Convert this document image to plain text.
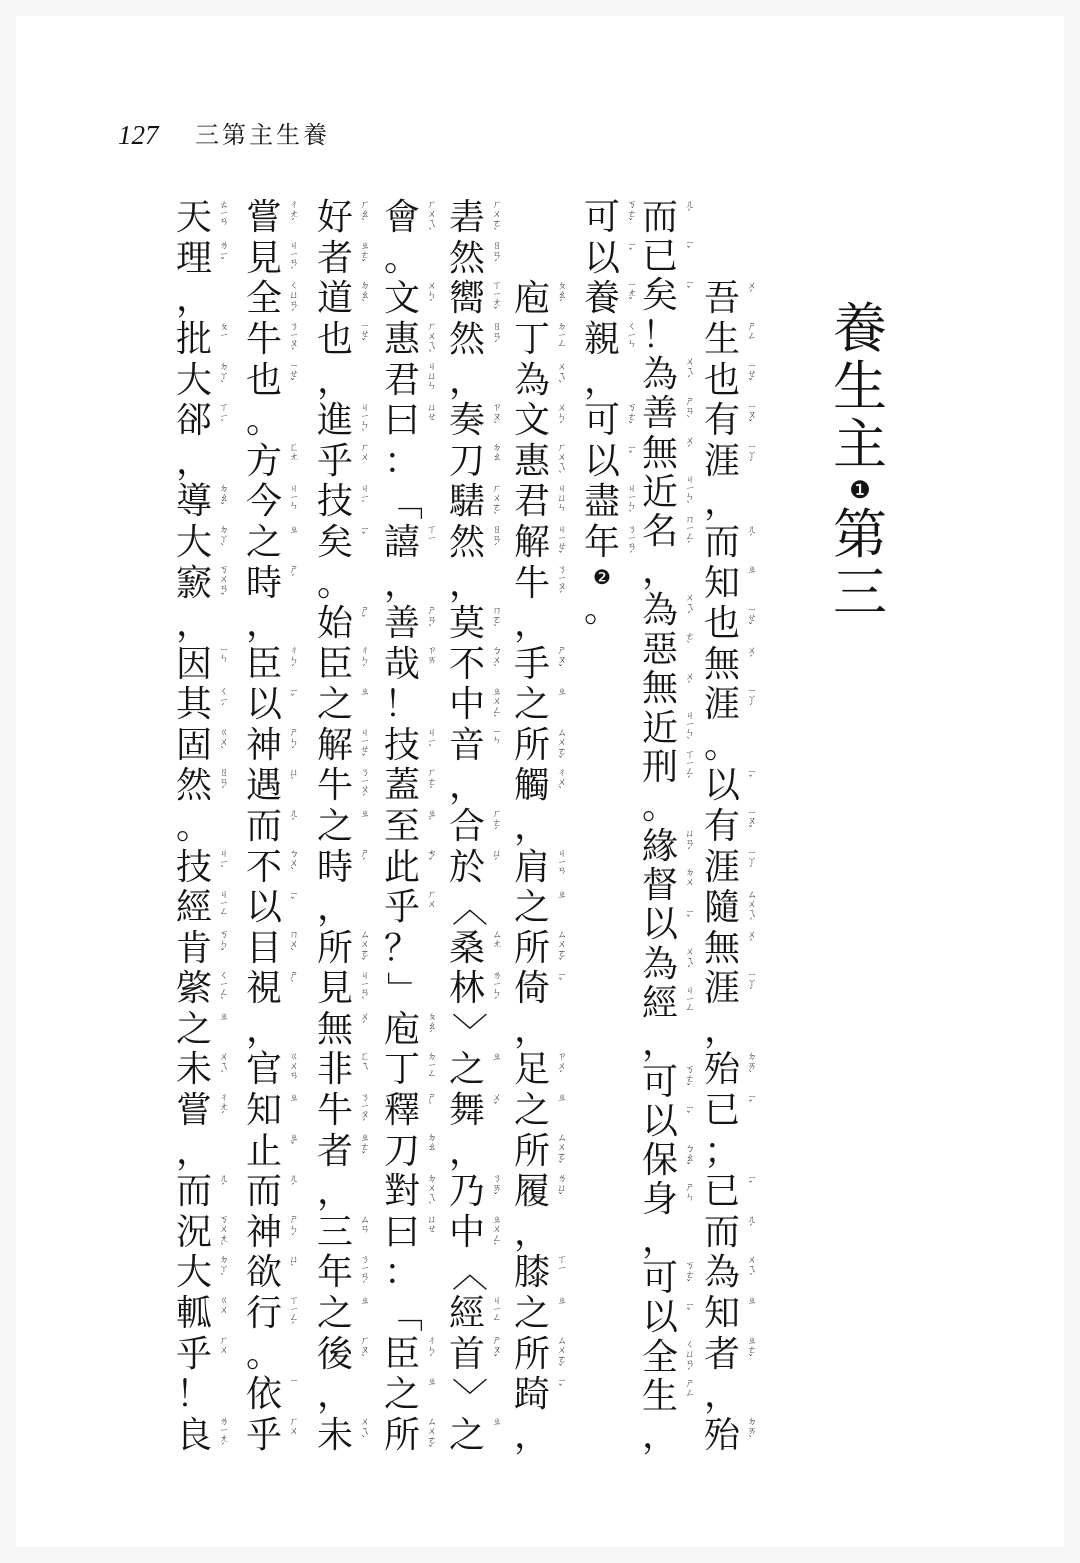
127 三第主生養
養
生
主
❶
第
三
吾 ㄨˊ
生 ㄕㄥ
也 ㄧㄝˇ
有 ㄧㄡˇ
涯 ㄧㄚˊ
，
而 ㄦˊ
知 ㄓ
也 ㄧㄝˇ
無 ㄨˊ
涯 ㄧㄚˊ
。
以 ㄧˇ
有 ㄧㄡˇ
涯 ㄧㄚˊ
隨 ㄙㄨㄟˊ
無 ㄨˊ
涯 ㄧㄚˊ
，
殆 ㄉㄞˋ
已 ㄧˇ
；
已 ㄧˇ
而 ㄦˊ
為 ㄨㄟˊ
知 ㄓ
者 ㄓㄜˇ
，
殆 ㄉㄞˋ
而 ㄦˊ
已 ㄧˇ
矣 ㄧˇ
！
為 ㄨㄟˊ
善 ㄕㄢˋ
無 ㄨˊ
近 ㄐㄧㄣˋ
名 ㄇㄧㄥˊ
，
為 ㄨㄟˊ
惡 ㄜˋ
無 ㄨˊ
近 ㄐㄧㄣˋ
刑 ㄒㄧㄥˊ
。
緣 ㄩㄢˊ
督 ㄉㄨ
以 ㄧˇ
為 ㄨㄟˊ
經 ㄐㄧㄥ
，
可 ㄎㄜˇ
以 ㄧˇ
保 ㄅㄠˇ
身 ㄕㄣ
，
可 ㄎㄜˇ
以 ㄧˇ
全 ㄑㄩㄢˊ
生 ㄕㄥ
，
可 ㄎㄜˇ
以 ㄧˇ
養 ㄧㄤˇ
親 ㄑㄧㄣ
，
可 ㄎㄜˇ
以 ㄧˇ
盡 ㄐㄧㄣˋ
年 ㄋㄧㄢˊ
❷
。
庖 ㄆㄠˊ
丁 ㄉㄧㄥ
為 ㄨㄟˋ
文 ㄨㄣˊ
惠 ㄏㄨㄟˋ
君 ㄐㄩㄣ
解 ㄐㄧㄝˇ
牛 ㄋㄧㄡˊ
，
手 ㄕㄡˇ
之 ㄓ
所 ㄙㄨㄛˇ
觸 ㄔㄨˋ
，
肩 ㄐㄧㄢ
之 ㄓ
所 ㄙㄨㄛˇ
倚 ㄧˇ
，
足 ㄗㄨˊ
之 ㄓ
所 ㄙㄨㄛˇ
履 ㄌㄩˇ
，
膝 ㄒㄧ
之 ㄓ
所 ㄙㄨㄛˇ
踦 ㄧˇ
，
砉 ㄏㄨㄛˋ
然 ㄖㄢˊ
嚮 ㄒㄧㄤˇ
然 ㄖㄢˊ
，
奏 ㄗㄡˋ
刀 ㄉㄠ
騞 ㄏㄨㄛˋ
然 ㄖㄢˊ
，
莫 ㄇㄛˋ
不 ㄅㄨˋ
中 ㄓㄨㄥˋ
音 ㄧㄣ
，
合 ㄏㄜˊ
於 ㄩˊ
〈
桑 ㄙㄤ
林 ㄌㄧㄣˊ
〉
之 ㄓ
舞 ㄨˇ
，
乃 ㄋㄞˇ
中 ㄓㄨㄥˋ
〈
經 ㄐㄧㄥ
首 ㄕㄡˇ
〉
之 ㄓ
會 ㄏㄨㄟˋ
。
文 ㄨㄣˊ
惠 ㄏㄨㄟˋ
君 ㄐㄩㄣ
曰 ㄩㄝ
：
「
譆 ㄒㄧ
，
善 ㄕㄢˋ
哉 ㄗㄞ
！
技 ㄐㄧˋ
蓋 ㄏㄜˊ
至 ㄓˋ
此 ㄘˇ
乎 ㄏㄨ
？
」
庖 ㄆㄠˊ
丁 ㄉㄧㄥ
釋 ㄕˋ
刀 ㄉㄠ
對 ㄉㄨㄟˋ
曰 ㄩㄝ
：
「
臣 ㄔㄣˊ
之 ㄓ
所 ㄙㄨㄛˇ
好 ㄏㄠˋ
者 ㄓㄜˇ
道 ㄉㄠˋ
也 ㄧㄝˇ
，
進 ㄐㄧㄣˋ
乎 ㄏㄨ
技 ㄐㄧˋ
矣 ㄧˇ
。
始 ㄕˇ
臣 ㄔㄣˊ
之 ㄓ
解 ㄐㄧㄝˇ
牛 ㄋㄧㄡˊ
之 ㄓ
時 ㄕˊ
，
所 ㄙㄨㄛˇ
見 ㄐㄧㄢˋ
無 ㄨˊ
非 ㄈㄟ
牛 ㄋㄧㄡˊ
者 ㄓㄜˇ
，
三 ㄙㄢ
年 ㄋㄧㄢˊ
之 ㄓ
後 ㄏㄡˋ
，
未 ㄨㄟˋ
嘗 ㄔㄤˊ
見 ㄐㄧㄢˋ
全 ㄑㄩㄢˊ
牛 ㄋㄧㄡˊ
也 ㄧㄝˇ
。
方 ㄈㄤ
今 ㄐㄧㄣ
之 ㄓ
時 ㄕˊ
，
臣 ㄔㄣˊ
以 ㄧˇ
神 ㄕㄣˊ
遇 ㄩˋ
而 ㄦˊ
不 ㄅㄨˋ
以 ㄧˇ
目 ㄇㄨˋ
視 ㄕˋ
，
官 ㄍㄨㄢ
知 ㄓ
止 ㄓˇ
而 ㄦˊ
神 ㄕㄣˊ
欲 ㄩˋ
行 ㄒㄧㄥˊ
。
依 ㄧ
乎 ㄏㄨ
天 ㄊㄧㄢ
理 ㄌㄧˇ
，
批 ㄆㄧ
大 ㄉㄚˋ
郤 ㄒㄧˋ
，
導 ㄉㄠˇ
大 ㄉㄚˋ
窾 ㄎㄨㄢˇ
，
因 ㄧㄣ
其 ㄑㄧˊ
固 ㄍㄨˋ
然 ㄖㄢˊ
。
技 ㄐㄧˋ
經 ㄐㄧㄥ
肯 ㄎㄣˇ
綮 ㄑㄧㄥˋ
之 ㄓ
未 ㄨㄟˋ
嘗 ㄔㄤˊ
，
而 ㄦˊ
況 ㄎㄨㄤˋ
大 ㄉㄚˋ
軱 ㄍㄨ
乎 ㄏㄨ
！
良 ㄌㄧㄤˊ
